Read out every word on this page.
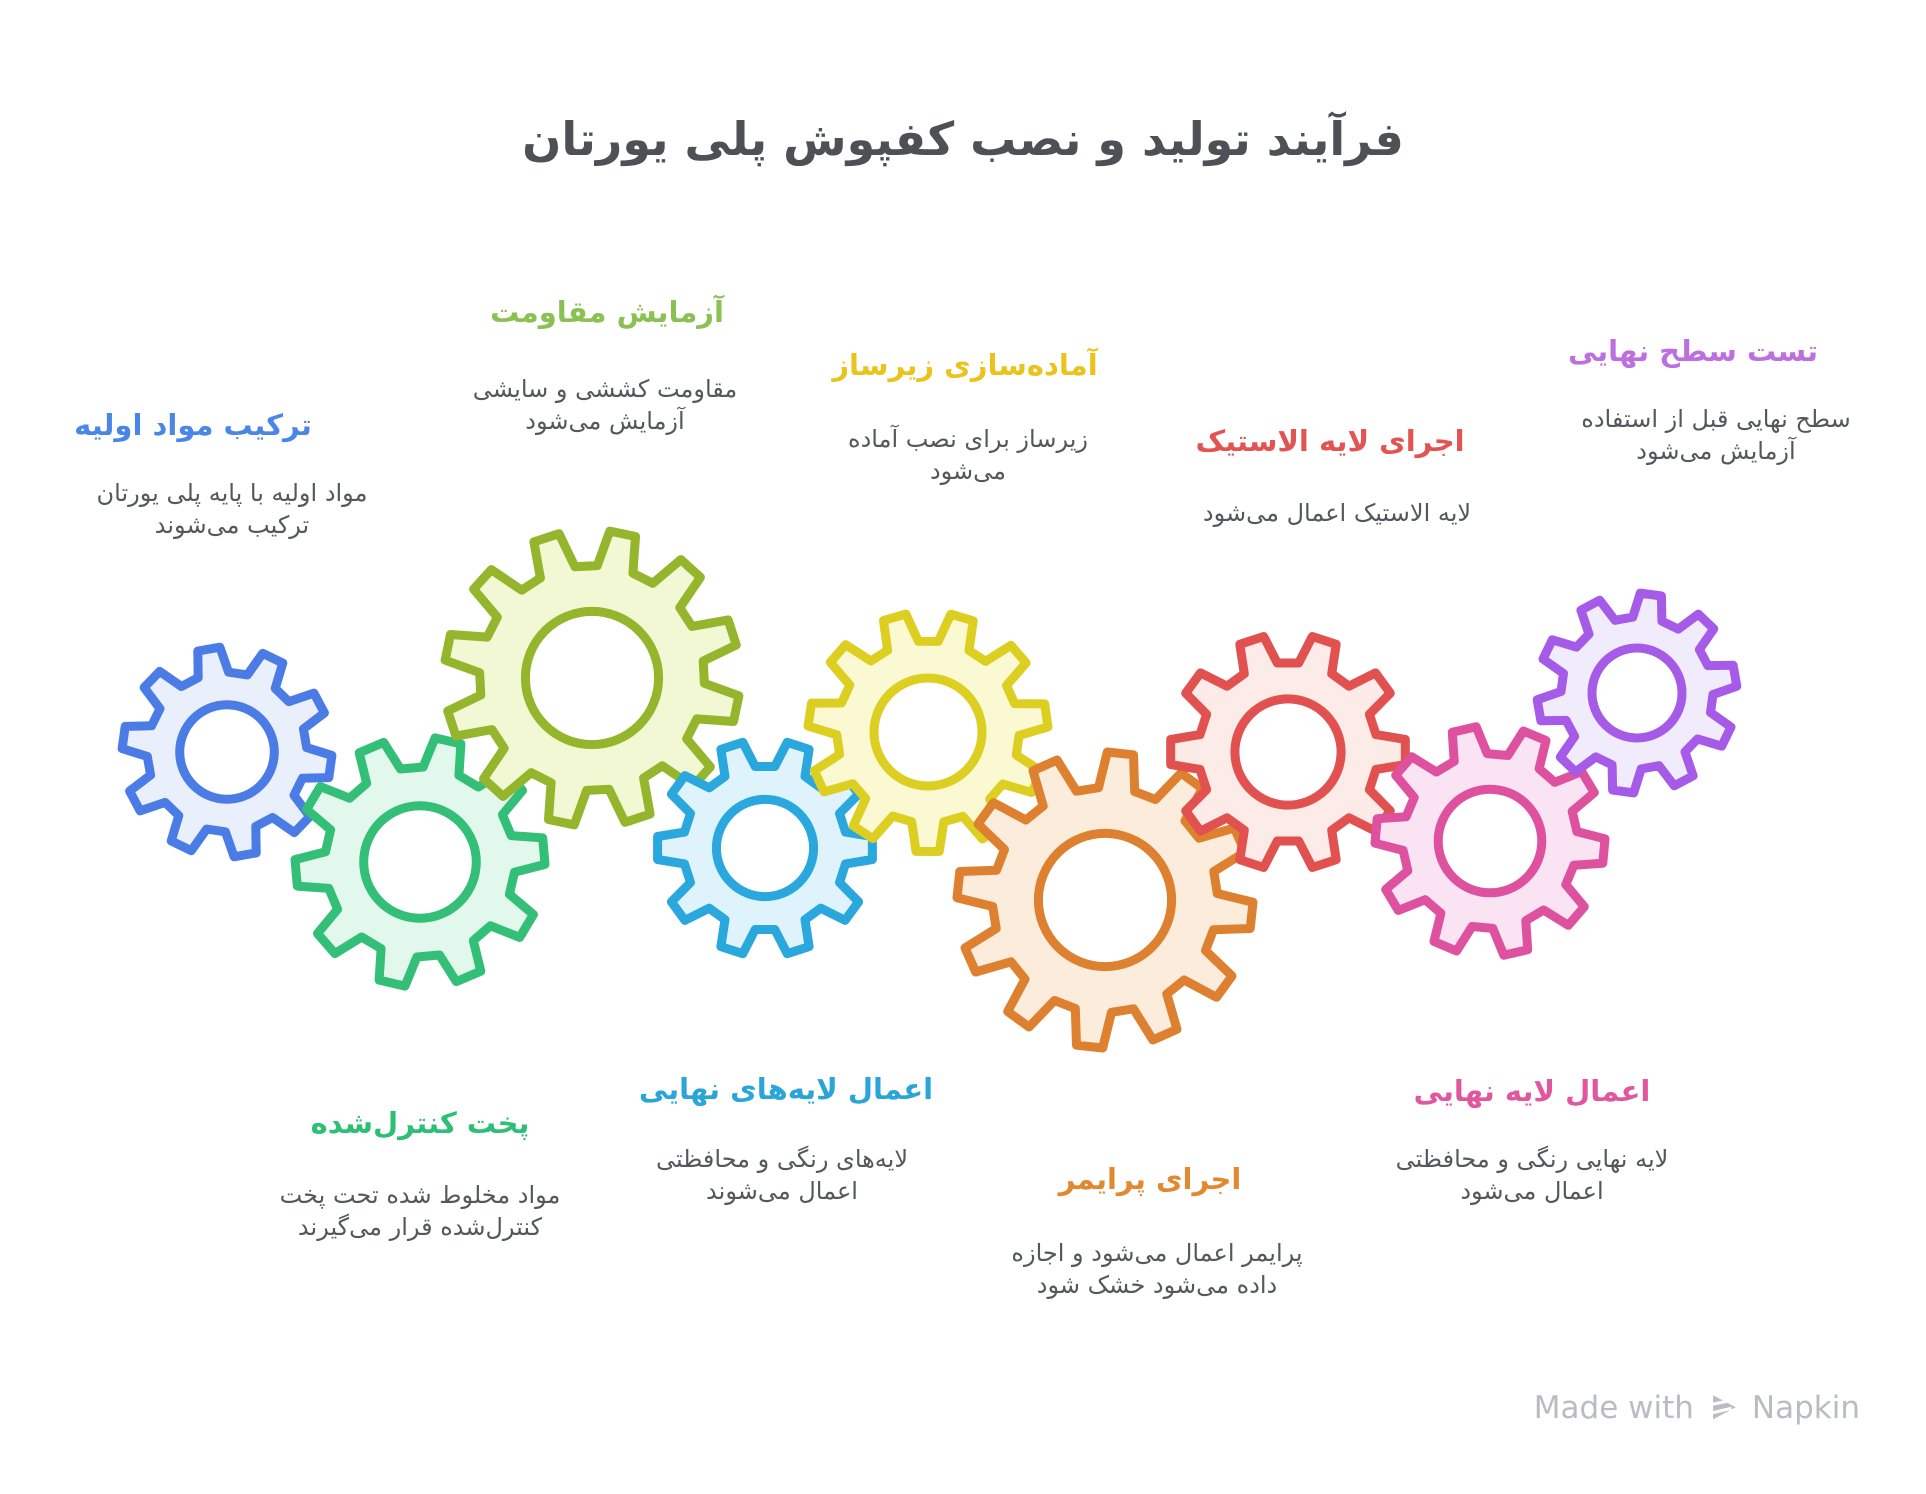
فرآیند تولید و نصب کفپوش پلی یورتان
ترکیب مواد اولیه
مواد اولیه با پایه پلی یورتان ترکیب می‌شوند
آزمایش مقاومت
مقاومت کششی و سایشی آزمایش می‌شود
آماده‌سازی زیرساز
زیرساز برای نصب آماده می‌شود
اجرای لایه الاستیک
لایه الاستیک اعمال می‌شود
تست سطح نهایی
سطح نهایی قبل از استفاده آزمایش می‌شود
پخت کنترل‌شده
مواد مخلوط شده تحت پخت کنترل‌شده قرار می‌گیرند
اعمال لایه‌های نهایی
لایه‌های رنگی و محافظتی اعمال می‌شوند	اجرای پرایمر
پرایمر اعمال می‌شود و اجازه داده می‌شود خشک شود
اعمال لایه نهایی
لایه نهایی رنگی و محافظتی اعمال می‌شود
Made with Napkin
